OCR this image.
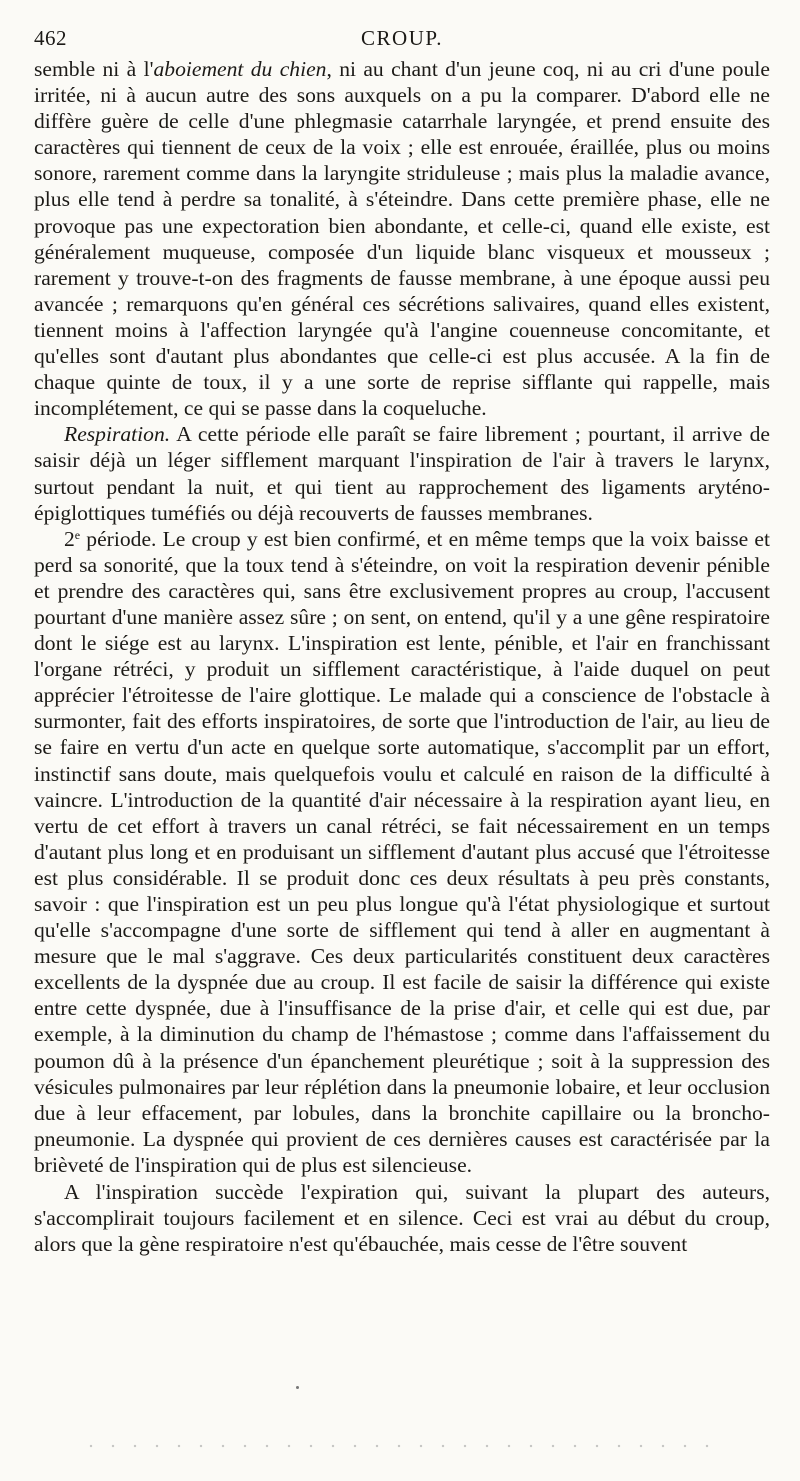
462	CROUP.

semble ni à l'aboiement du chien, ni au chant d'un jeune coq, ni au cri d'une poule irritée, ni à aucun autre des sons auxquels on a pu la comparer. D'abord elle ne diffère guère de celle d'une phlegmasie catarrhale laryngée, et prend ensuite des caractères qui tiennent de ceux de la voix ; elle est enrouée, éraillée, plus ou moins sonore, rarement comme dans la laryngite striduleuse ; mais plus la maladie avance, plus elle tend à perdre sa tonalité, à s'éteindre. Dans cette première phase, elle ne provoque pas une expectoration bien abondante, et celle-ci, quand elle existe, est généralement muqueuse, composée d'un liquide blanc visqueux et mousseux ; rarement y trouve-t-on des fragments de fausse membrane, à une époque aussi peu avancée ; remarquons qu'en général ces sécrétions salivaires, quand elles existent, tiennent moins à l'affection laryngée qu'à l'angine couenneuse concomitante, et qu'elles sont d'autant plus abondantes que celle-ci est plus accusée. A la fin de chaque quinte de toux, il y a une sorte de reprise sifflante qui rappelle, mais incomplétement, ce qui se passe dans la coqueluche.

Respiration. A cette période elle paraît se faire librement ; pourtant, il arrive de saisir déjà un léger sifflement marquant l'inspiration de l'air à travers le larynx, surtout pendant la nuit, et qui tient au rapprochement des ligaments aryténo-épiglottiques tuméfiés ou déjà recouverts de fausses membranes.

2e période. Le croup y est bien confirmé, et en même temps que la voix baisse et perd sa sonorité, que la toux tend à s'éteindre, on voit la respiration devenir pénible et prendre des caractères qui, sans être exclusivement propres au croup, l'accusent pourtant d'une manière assez sûre ; on sent, on entend, qu'il y a une gêne respiratoire dont le siége est au larynx. L'inspiration est lente, pénible, et l'air en franchissant l'organe rétréci, y produit un sifflement caractéristique, à l'aide duquel on peut apprécier l'étroitesse de l'aire glottique. Le malade qui a conscience de l'obstacle à surmonter, fait des efforts inspiratoires, de sorte que l'introduction de l'air, au lieu de se faire en vertu d'un acte en quelque sorte automatique, s'accomplit par un effort, instinctif sans doute, mais quelquefois voulu et calculé en raison de la difficulté à vaincre. L'introduction de la quantité d'air nécessaire à la respiration ayant lieu, en vertu de cet effort à travers un canal rétréci, se fait nécessairement en un temps d'autant plus long et en produisant un sifflement d'autant plus accusé que l'étroitesse est plus considérable. Il se produit donc ces deux résultats à peu près constants, savoir : que l'inspiration est un peu plus longue qu'à l'état physiologique et surtout qu'elle s'accompagne d'une sorte de sifflement qui tend à aller en augmentant à mesure que le mal s'aggrave. Ces deux particularités constituent deux caractères excellents de la dyspnée due au croup. Il est facile de saisir la différence qui existe entre cette dyspnée, due à l'insuffisance de la prise d'air, et celle qui est due, par exemple, à la diminution du champ de l'hémastose ; comme dans l'affaissement du poumon dû à la présence d'un épanchement pleurétique ; soit à la suppression des vésicules pulmonaires par leur réplétion dans la pneumonie lobaire, et leur occlusion due à leur effacement, par lobules, dans la bronchite capillaire ou la broncho-pneumonie. La dyspnée qui provient de ces dernières causes est caractérisée par la brièveté de l'inspiration qui de plus est silencieuse.

A l'inspiration succède l'expiration qui, suivant la plupart des auteurs, s'accomplirait toujours facilement et en silence. Ceci est vrai au début du croup, alors que la gène respiratoire n'est qu'ébauchée, mais cesse de l'être souvent
